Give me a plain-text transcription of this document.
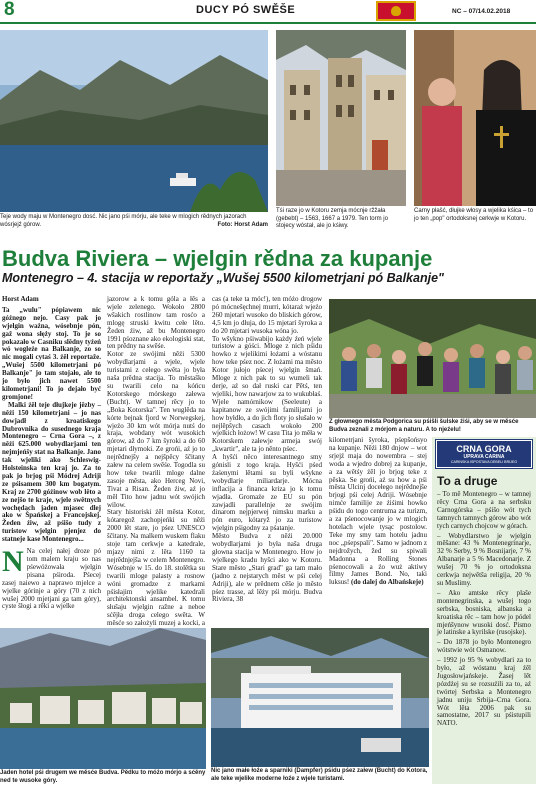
8	DUCY PÓ SWĚŠE	NC – 07/14.02.2018
Teje wody maju w Montenegro dosć. Nic jano pśi mórju, ale teke w mlogich rědnych jazorach wósrjejź górow.	Foto: Horst Adam
Tśi raze jo w Kotoru zemja mócnje ržžała (gebebt) – 1563, 1667 a 1979. Ten torm jo stojecy wóstał, ale jo kśiwy.
Carny płašć, dłujke włosy a wjelika kśica – to jo ten „pop" ortodoksnej cerkwje w Kotoru.
Budva Riviera – wjelgin rědna za kupanje
Montenegro – 4. stacija w reportažy „Wušej 5500 kilometrjani pó Balkanje"
Horst Adam

Ta „wulu" pópiawem nic góźnego nejo. Casy pak jo wjelgin ważna, wósebnje pón, gaž wona słęży stoj. To je so pokazało w Casniku slědny tyźeń wó wogleźe na Balkanje, zo so nic mogali cytaś 3. źěl reportaže. „Wušej 5500 kilometrjani pó Balkanje" jo tam stojało, ale to jo było jich nawet 5500 kilometrjani! To jo dejało być gromjone!

Malki źěl teje dłujkeje jězby – něźi 150 kilometrjani – jo nas dowjadł z kroatiskego Dubrovnika do susednego kraja Montenegro – Crna Gora –, z něźi 625.000 wobydlarjami ten nejmjeńšy stat na Balkanje. Jano tak wjeliki ako Schleswig-Holsteinska ten kraj jo. Za to pak jo brjog pśi Módrej Adriji ze pśisamem 300 km bogatym. Kraj ze 2700 góźinow wob lěto a ze nejšo te kraje, wjele swětnych wochędach jaden mjasec dlej ako w Špańskej a Francojskej. Žeden źiw, až pśišo tudy z turistow wjelgin pjenjez do statneje kase Montenegro...

N Na celej nałej droze pó tom malem kraju so nas pśewóżowała wjelgin pisana pśiroda. Pśecej zasej naiewo a naprawo mjelce a wjelke górinje a góry (70 z nich wušej 2000 mjetjani ga tam góry), cyste šłogi a rěki a wjelke

jazorow a k tomu góla a łěs a wjele zelenego. Wokoło 2800 wšakich rostlinow tam rosćo a mlogę struski kwitu cełe lěto. Žeden źiw, až bu Montenegro 1991 pśoznane ako ekologiski stat, ten prědny na swěśe.
Kotor ze swójimi něźi 5300 wobydlarjami a wjele, wjele turistami z cełego swěta jo była naša prědna stacija. To městaško su twarili celo na kóńcu Kotorskego mórskego załewa (Bucht). W tamnej rěcy jo to „Boka Kotorska". Ten wuglěda na kórte bejnak fjord w Norwegskej, wjeźo 30 km wót mórja nutś do kraja, wobdany wót wusokich górow, až do 7 km šyroki a do 60 mjetari dłymoki. Ze grońi, aź jo to nejrědnejšy a nejšpěcy ščitany załew na celem swěśe. Togodla su how teke twarili mloge dalne zasoje města, ako Herceg Novi, Tivat a Risan. Žeden źiw, aź jo měl Tito how jadnu wót swójich wilow.
Stary historiski źěl města Kotor, kótaregož zachopjeńki su něźi 2000 lět stare, jo pśez UNESCO ščitany. Na malkem wuskem flaku stoje tam cerkwje a katedrale, mjazy nimi z lěta 1160 ta nejrědnjejša w celem Montenegro. Wósebnje w 15. do 18. stolětka su twarili mloge palasty a rosnow wóni gromadze z markami pśisłajim wjelike katedrali architektonski ansambel. K tomu słušaju wjelgin ražne a neboe sćějła droga celego swěta. W měsće so założyli muzej a kocki, a
cas (a teke ta móc!), ten móżo drogow pó mócnešęchnej murri, kótaraż wjeźo 260 mjetarí wusoko do bliskich górow, 4,5 km jo dłuja, do 15 mjetarí šyroka a do 20 mjetari wusoka wóna jo.
To wšykno pśiwabijo każdy źeń wjele turistow a góści. Mloge z nich pśidu howko z wjelikimi łożami a wóstanu how teke pśez noc. Z łożami ma město Kotor jułojo pśecej wjelgin šmań. Mloge z nich pak to su wumeli tak derje, aź so dał ruski car Pětś, ten wjeliki, how nawarjow za to wukubłaś. Wjele namórnikow (Seeleute) a kapitanow ze swójimi familijami jo how byłdło, a do jich floty jo słušało w nejlěpšych casach wokoło 200 wjelkich łożow! W casu Tita jo měła w Kotorskem załewje armeja swój „kwartir", ale ta jo něnto pśec.
A hyšći něco interesantnego smy gónisli z togo kraja. Hyšći pśed źaśenymi lětami su byli wšykne wobydlarje miliardarje. Mócna inflacija a financa kriza jo k tomu wjadła. Gromaźe ze EU su pón zawjadli parallelnje ze swójim dinarom nejpjerwej nimsku marku a pón euro, kótaryž jo za turistow wjelgin pśigodny za pśatanje.
Město Budva z něźi 20.000 wobydlarjami jo była naša druga głowna stacija w Montenegro. How jo wjelkego kradu hyšci ako w Kotoru. Stare město „Stari grad" ga tam mało (jadno z nejstarych měst w pśi celej Adriji), ale w prědnem cěše jo město pśez trasse, aź lěży pśi mórju. Budva Riviera, 38
Z głownego města Podgorica su pśišli šulske źiśi, aby se w měsće Budva zeznali z mórjom a naturu. A to njeźelu!
kilometrjani šyroka, pśepšońsyo na kupanje. Něźi 180 dnjow – wot srjejź maja do nowembra – stej woda a wjedro dobrej za kupanje, a za wětśy źěl jo brjog teke z pěska. Se grońi, aź su how a pśi města Ulcinj docełego nejrědnejše brjogi pśi celej Adriji. Wósebnje nimće familije ze źiśimi howko pśidu do togo centruma za turizm, a za pśenocowanje jo w mlogich hotelach wjele tysąc postolow. Teke my smy tam hotelu jadnu noc „pśepspali". Samo w jadnom z nejdrožych, žed su spiwali Madonna a Rolling Stones pśenocowali a źo wuż aktiwy filmy James Bond. No, taki luksus! (do dalej do Albańskeje)
CRNA GORA
UPRAVA CARINA
CARINSKA ISPOSTAVA DEBELI BRIJEG
To a druge

– To mě Montenegro – w tamnej rěcy Crna Gora a na serbsku Carnogórska – pśišo wót tych tamnych tamnych górow abo wót tych carnych chojcow w górach.

– Wobydlarstwo je wjelgin měšane: 43 % Montenegrinarje, 32 % Serby, 9 % Bosnijarje, 7 % Albanarje a 5 % Macedonarje. Z wušej 70 % jo ortodoksna cerkwja nejwětša religija, 20 % su Muslimy.

– Ako amtske rěcy plaše montenegrinska, a wušej togo serbska, bosniska, albanska a kroatiska rěc – tam how jo pódel mjeńšynow wusoki dosć. Pismo je latinske a kyrilske (rusojske).

– Do 1878 jo było Montenegro wótstwie wót Osmanow.

– 1992 jo 95 % wobydlari za to było, až wóstanu kraj źěl Jugosłowjańskeje. Žasej lět pózdźej su se rozsuźili za to, aź twórtej Serbska a Montenegro jadnu uniju Srbija–Crna Gora. Wót lěta 2006 pak su samostatne, 2017 su pśistupili NATO.

Jaden hotel pśi drugem we měsće Budva. Pědku to móżo mórjo a sćěny ned te wusoke góry.
Nic jano małe łoźe a sparniki (Dampfer) pśidu pśez załew (Bucht) do Kotora, ale teke wjelike moderne łoźe z wjele turistami.
